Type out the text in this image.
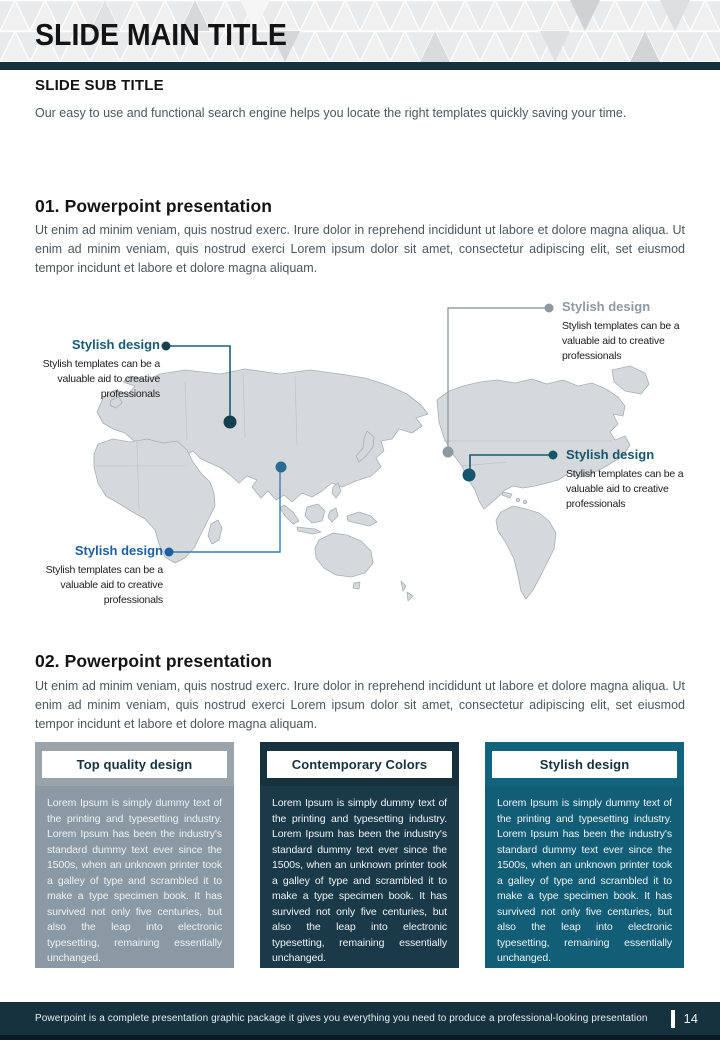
SLIDE MAIN TITLE
SLIDE SUB TITLE
Our easy to use and functional search engine helps you locate the right templates quickly saving your time.
01. Powerpoint presentation
Ut enim ad minim veniam, quis nostrud exerc. Irure dolor in reprehend incididunt ut labore et dolore magna aliqua. Ut enim ad minim veniam, quis nostrud exerci Lorem ipsum dolor sit amet, consectetur adipiscing elit, set eiusmod tempor incidunt et labore et dolore magna aliquam.
Stylish design
Stylish templates can be a valuable aid to creative professionals
Stylish design
Stylish templates can be a valuable aid to creative professionals
Stylish design
Stylish templates can be a valuable aid to creative professionals
Stylish design
Stylish templates can be a valuable aid to creative professionals
02. Powerpoint presentation
Ut enim ad minim veniam, quis nostrud exerc. Irure dolor in reprehend incididunt ut labore et dolore magna aliqua. Ut enim ad minim veniam, quis nostrud exerci Lorem ipsum dolor sit amet, consectetur adipiscing elit, set eiusmod tempor incidunt et labore et dolore magna aliquam.
Top quality design
Lorem Ipsum is simply dummy text of the printing and typesetting industry. Lorem Ipsum has been the industry's standard dummy text ever since the 1500s, when an unknown printer took a galley of type and scrambled it to make a type specimen book. It has survived not only five centuries, but also the leap into electronic typesetting, remaining essentially unchanged.
Contemporary Colors
Lorem Ipsum is simply dummy text of the printing and typesetting industry. Lorem Ipsum has been the industry's standard dummy text ever since the 1500s, when an unknown printer took a galley of type and scrambled it to make a type specimen book. It has survived not only five centuries, but also the leap into electronic typesetting, remaining essentially unchanged.
Stylish design
Lorem Ipsum is simply dummy text of the printing and typesetting industry. Lorem Ipsum has been the industry's standard dummy text ever since the 1500s, when an unknown printer took a galley of type and scrambled it to make a type specimen book. It has survived not only five centuries, but also the leap into electronic typesetting, remaining essentially unchanged.
Powerpoint is a complete presentation graphic package it gives you everything you need to produce a professional-looking presentation	14
